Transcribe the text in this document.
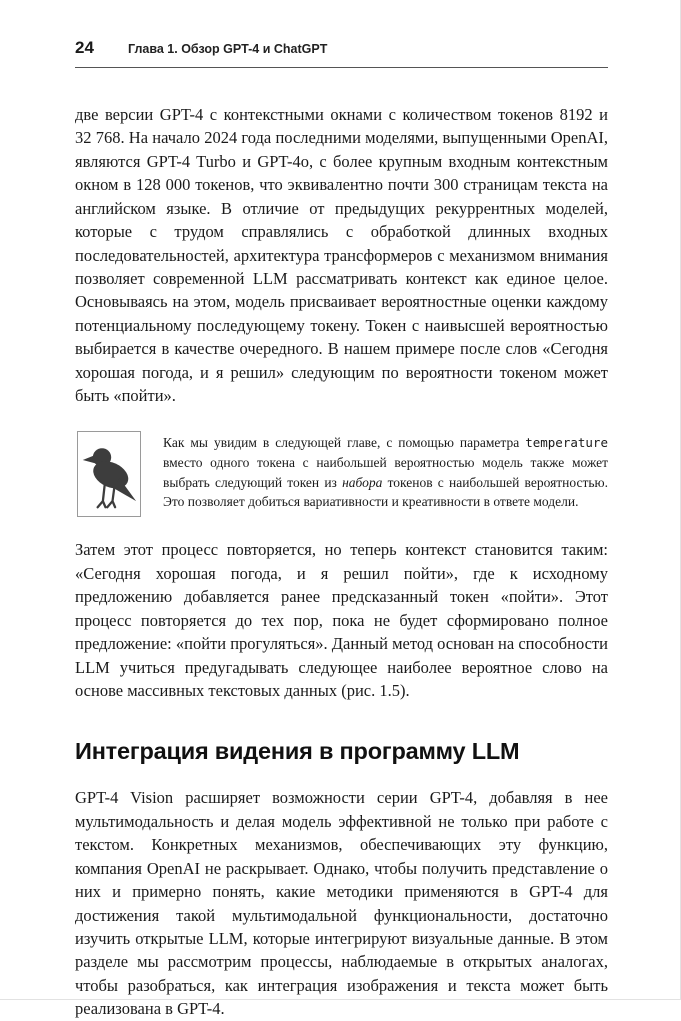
24	Глава 1. Обзор GPT-4 и ChatGPT

две версии GPT-4 с контекстными окнами с количеством токенов 8192 и 32 768. На начало 2024 года последними моделями, выпущенными OpenAI, являются GPT-4 Turbo и GPT-4o, с более крупным входным контекстным окном в 128 000 токенов, что эквивалентно почти 300 страницам текста на английском языке. В отличие от предыдущих рекуррентных моделей, которые с трудом справлялись с обработкой длинных входных последовательностей, архитектура трансформеров с механизмом внимания позволяет современной LLM рассматривать контекст как единое целое. Основываясь на этом, модель присваивает вероятностные оценки каждому потенциальному последующему токену. Токен с наивысшей вероятностью выбирается в качестве очередного. В нашем примере после слов «Сегодня хорошая погода, и я решил» следующим по вероятности токеном может быть «пойти».

Как мы увидим в следующей главе, с помощью параметра temperature вместо одного токена с наибольшей вероятностью модель также может выбрать следующий токен из набора токенов с наибольшей вероятностью. Это позволяет добиться вариативности и креативности в ответе модели.

Затем этот процесс повторяется, но теперь контекст становится таким: «Сегодня хорошая погода, и я решил пойти», где к исходному предложению добавляется ранее предсказанный токен «пойти». Этот процесс повторяется до тех пор, пока не будет сформировано полное предложение: «пойти прогуляться». Данный метод основан на способности LLM учиться предугадывать следующее наиболее вероятное слово на основе массивных текстовых данных (рис. 1.5).

Интеграция видения в программу LLM

GPT-4 Vision расширяет возможности серии GPT-4, добавляя в нее мультимодальность и делая модель эффективной не только при работе с текстом. Конкретных механизмов, обеспечивающих эту функцию, компания OpenAI не раскрывает. Однако, чтобы получить представление о них и примерно понять, какие методики применяются в GPT-4 для достижения такой мультимодальной функциональности, достаточно изучить открытые LLM, которые интегрируют визуальные данные. В этом разделе мы рассмотрим процессы, наблюдаемые в открытых аналогах, чтобы разобраться, как интеграция изображения и текста может быть реализована в GPT-4.
